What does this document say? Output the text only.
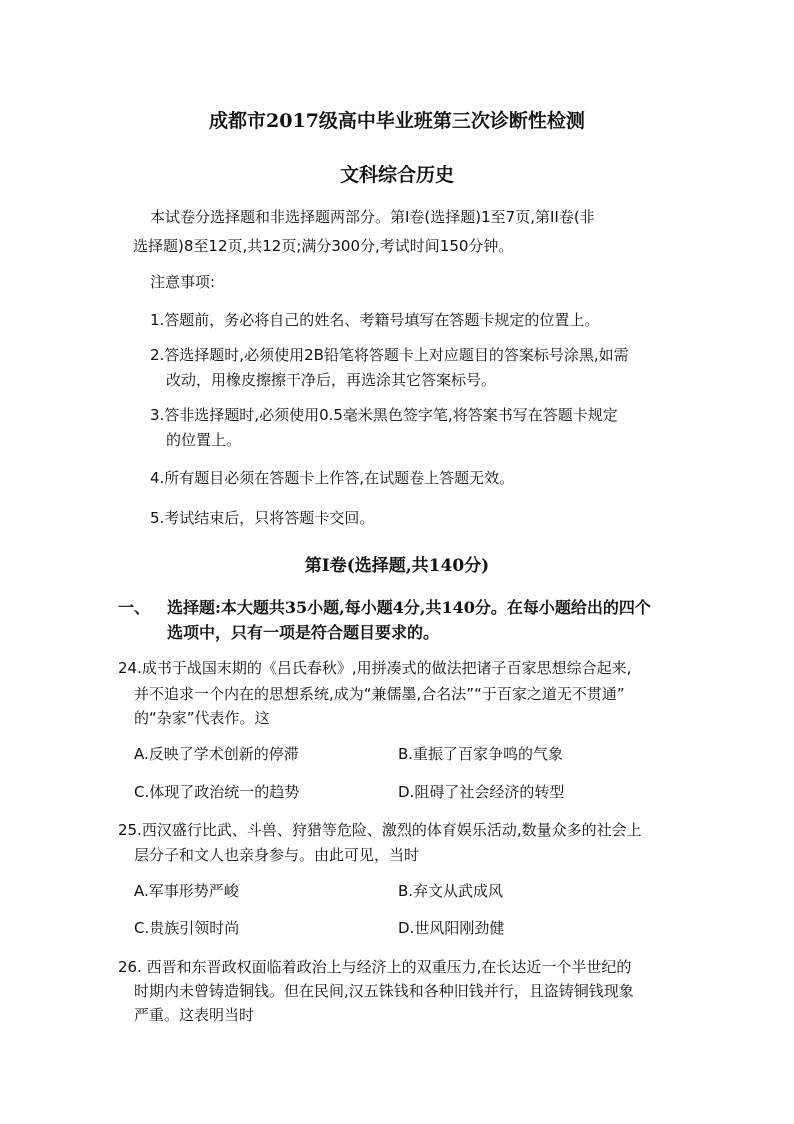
成都市2017级高中毕业班第三次诊断性检测
文科综合历史
本试卷分选择题和非选择题两部分。第I卷(选择题)1至7页,第II卷(非
选择题)8至12页,共12页;满分300分,考试时间150分钟。
注意事项:
1.答题前，务必将自己的姓名、考籍号填写在答题卡规定的位置上。
2.答选择题时,必须使用2B铅笔将答题卡上对应题目的答案标号涂黑,如需
改动，用橡皮擦擦干净后，再选涂其它答案标号。
3.答非选择题时,必须使用0.5毫米黑色签字笔,将答案书写在答题卡规定
的位置上。
4.所有题目必须在答题卡上作答,在试题卷上答题无效。
5.考试结束后，只将答题卡交回。
第I卷(选择题,共140分)
一、 选择题:本大题共35小题,每小题4分,共140分。在每小题给出的四个
选项中，只有一项是符合题目要求的。
24.成书于战国末期的《吕氏春秋》,用拼凑式的做法把诸子百家思想综合起来,
并不追求一个内在的思想系统,成为“兼儒墨,合名法”“于百家之道无不贯通”
的“杂家”代表作。这
A.反映了学术创新的停滞	B.重振了百家争鸣的气象
C.体现了政治统一的趋势	D.阻碍了社会经济的转型
25.西汉盛行比武、斗兽、狩猎等危险、激烈的体育娱乐活动,数量众多的社会上
层分子和文人也亲身参与。由此可见，当时
A.军事形势严峻	B.弃文从武成风
C.贵族引领时尚	D.世风阳刚劲健
26. 西晋和东晋政权面临着政治上与经济上的双重压力,在长达近一个半世纪的
时期内未曾铸造铜钱。但在民间,汉五铢钱和各种旧钱并行，且盗铸铜钱现象
严重。这表明当时
